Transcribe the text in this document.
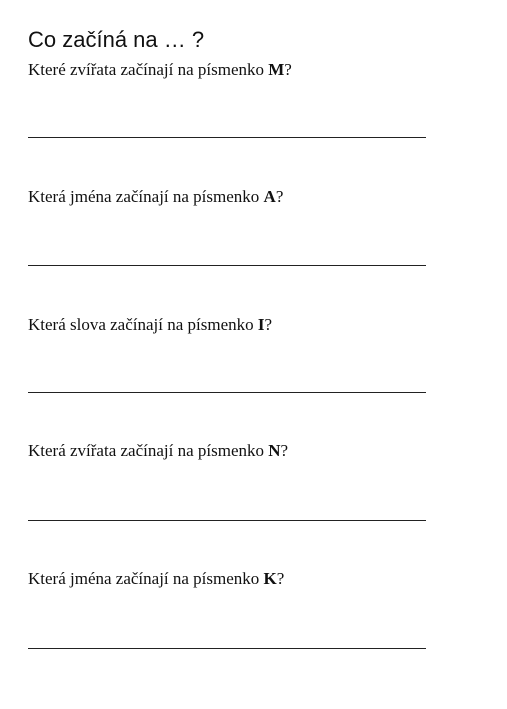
Co začíná na … ?

Které zvířata začínají na písmenko M?

Která jména začínají na písmenko A?

Která slova začínají na písmenko I?

Která zvířata začínají na písmenko N?

Která jména začínají na písmenko K?
